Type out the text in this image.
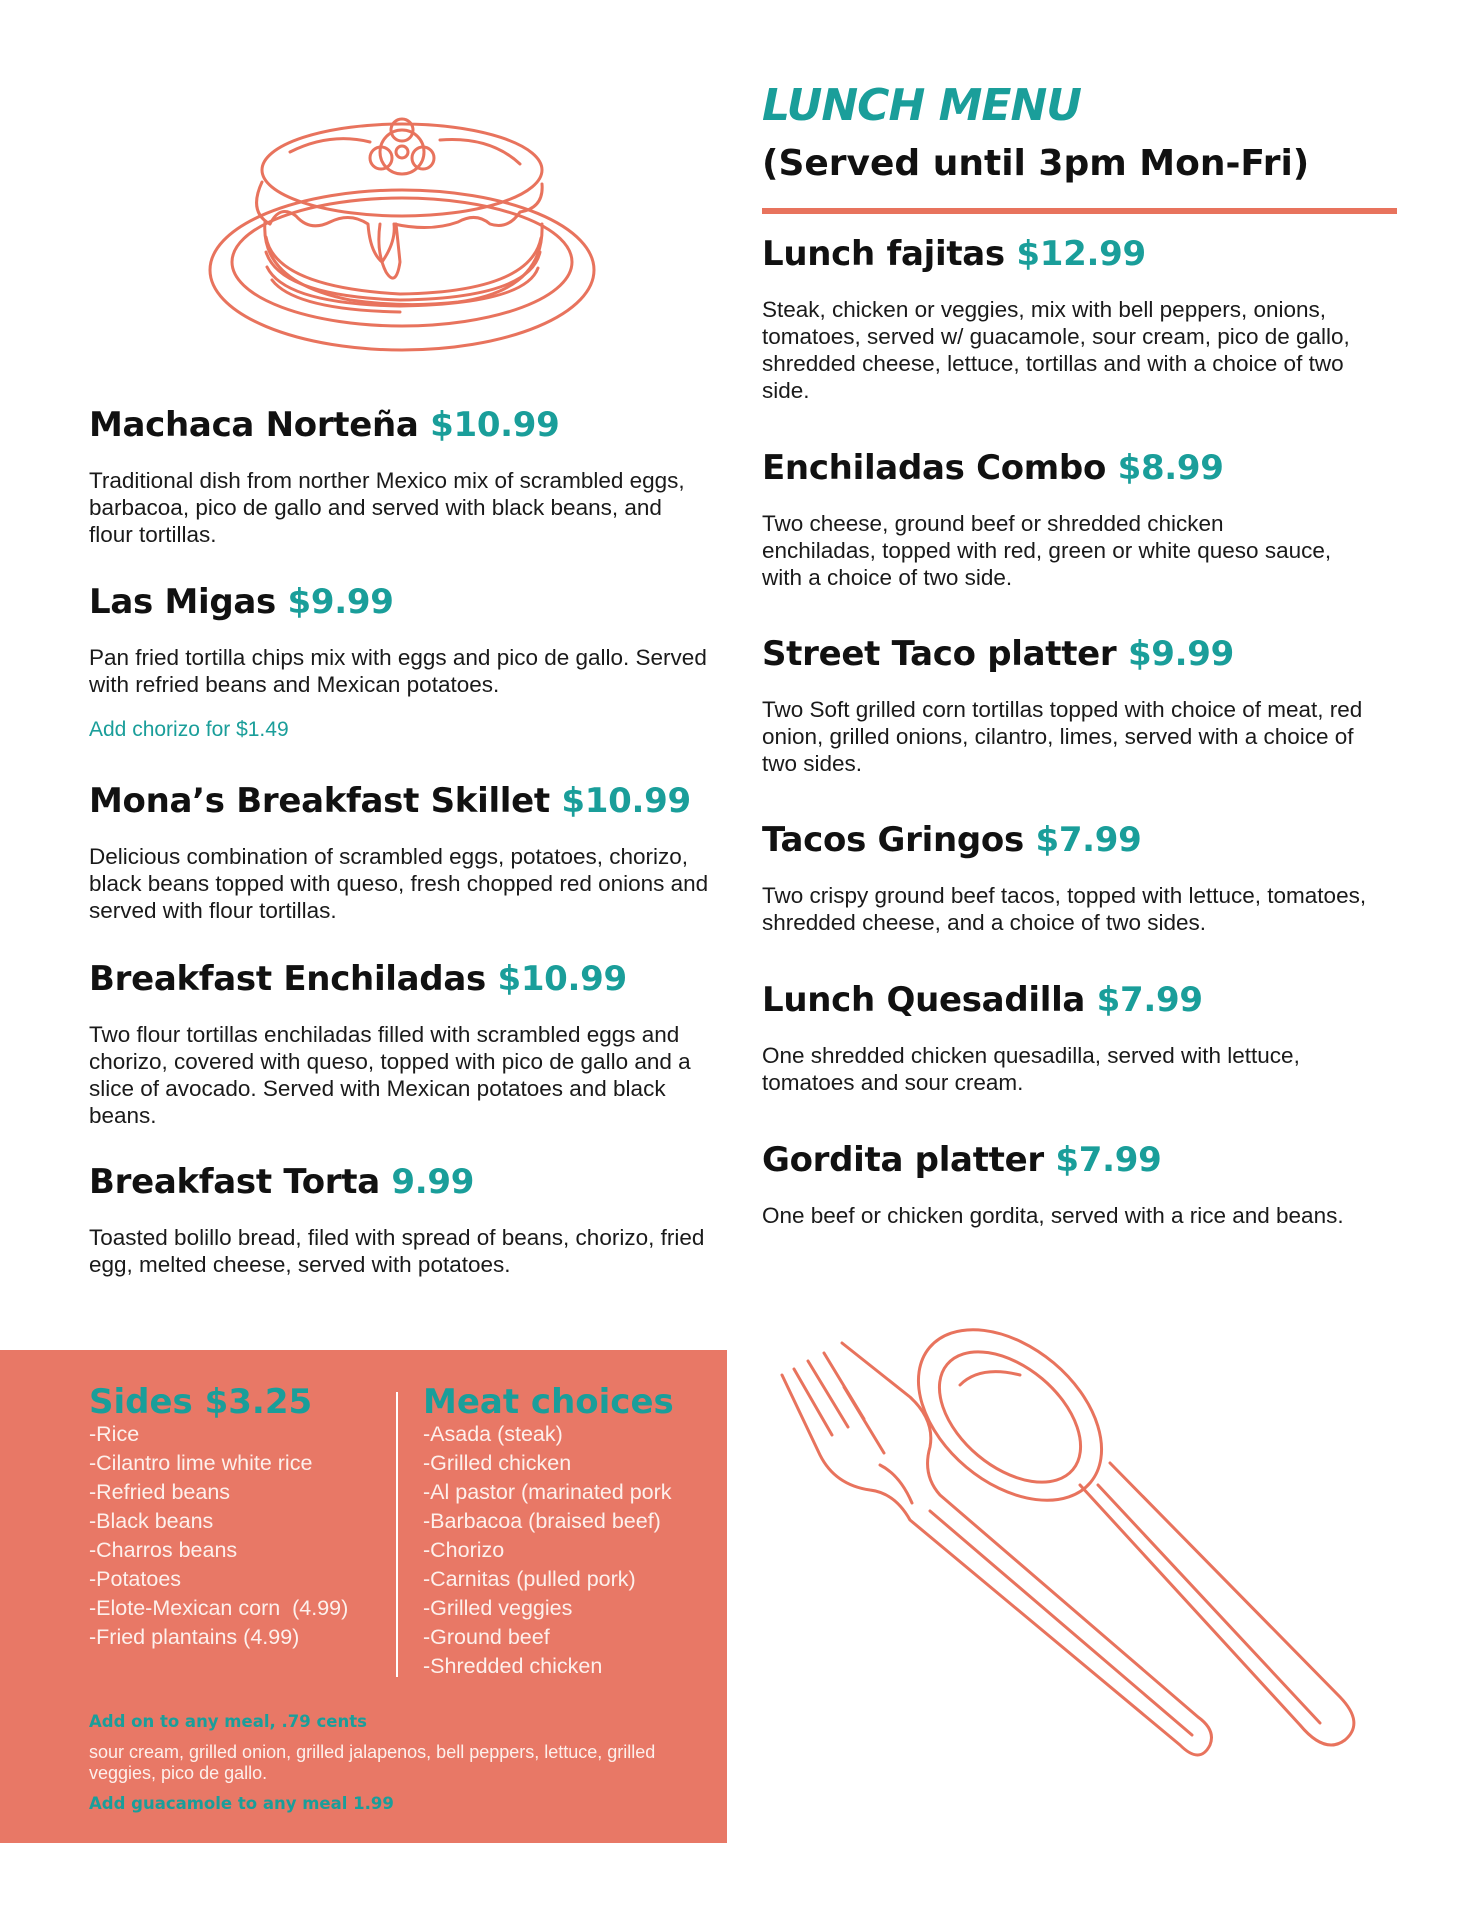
Machaca Norteña $10.99

Traditional dish from norther Mexico mix of scrambled eggs, barbacoa, pico de gallo and served with black beans, and flour tortillas.

Las Migas $9.99

Pan fried tortilla chips mix with eggs and pico de gallo. Served with refried beans and Mexican potatoes.

Add chorizo for $1.49

Mona’s Breakfast Skillet $10.99

Delicious combination of scrambled eggs, potatoes, chorizo, black beans topped with queso, fresh chopped red onions and served with flour tortillas.

Breakfast Enchiladas $10.99

Two flour tortillas enchiladas filled with scrambled eggs and chorizo, covered with queso, topped with pico de gallo and a slice of avocado. Served with Mexican potatoes and black beans.

Breakfast Torta 9.99

Toasted bolillo bread, filed with spread of beans, chorizo, fried egg, melted cheese, served with potatoes.

LUNCH MENU
(Served until 3pm Mon-Fri)
Lunch fajitas $12.99

Steak, chicken or veggies, mix with bell peppers, onions, tomatoes, served w/ guacamole, sour cream, pico de gallo, shredded cheese, lettuce, tortillas and with a choice of two side.

Enchiladas Combo $8.99

Two cheese, ground beef or shredded chicken enchiladas, topped with red, green or white queso sauce, with a choice of two side.

Street Taco platter $9.99

Two Soft grilled corn tortillas topped with choice of meat, red onion, grilled onions, cilantro, limes, served with a choice of two sides.

Tacos Gringos $7.99

Two crispy ground beef tacos, topped with lettuce, tomatoes, shredded cheese, and a choice of two sides.

Lunch Quesadilla $7.99

One shredded chicken quesadilla, served with lettuce, tomatoes and sour cream.

Gordita platter $7.99

One beef or chicken gordita, served with a rice and beans.

Sides $3.25
-Rice
-Cilantro lime white rice
-Refried beans
-Black beans
-Charros beans
-Potatoes
-Elote-Mexican corn  (4.99)
-Fried plantains (4.99)
Meat choices
-Asada (steak)
-Grilled chicken
-Al pastor (marinated pork
-Barbacoa (braised beef)
-Chorizo
-Carnitas (pulled pork)
-Grilled veggies
-Ground beef
-Shredded chicken

Add on to any meal, .79 cents

sour cream, grilled onion, grilled jalapenos, bell peppers, lettuce, grilled veggies, pico de gallo.

Add guacamole to any meal 1.99
